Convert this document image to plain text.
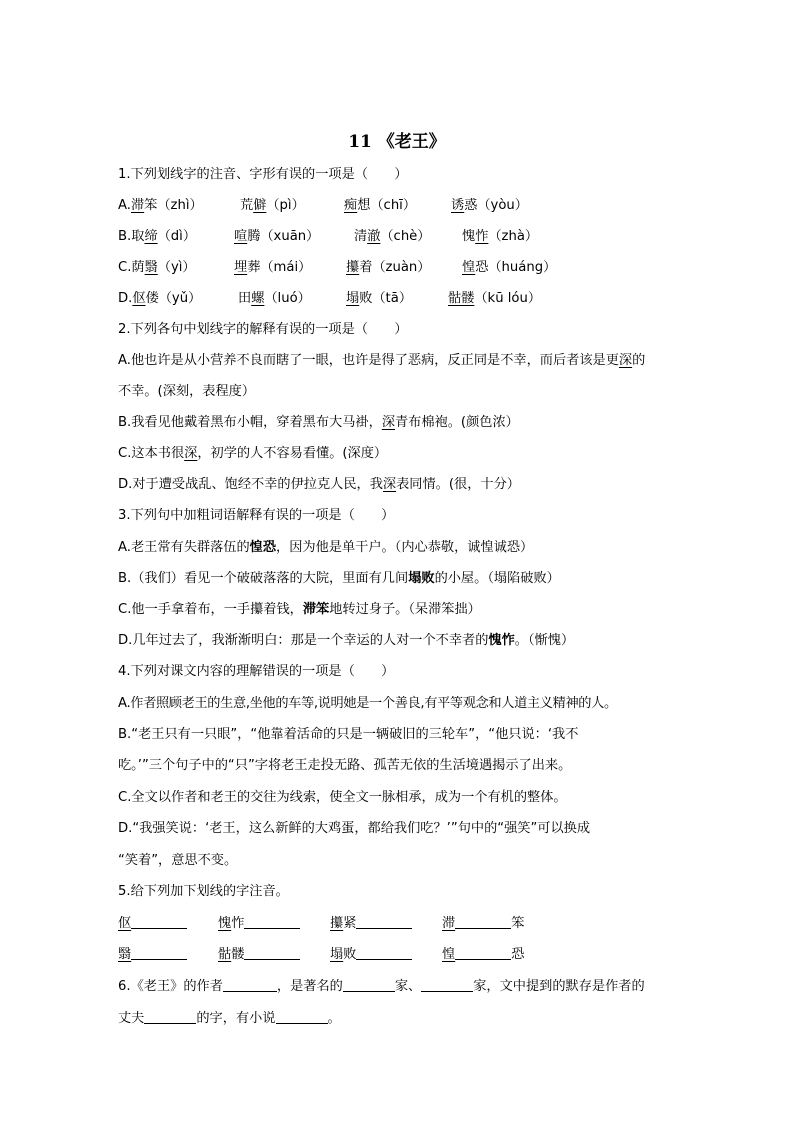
11 《老王》
1.下列划线字的注音、字形有误的一项是（　　）
A.滞笨（zhì）	荒僻（pì）	痴想（chī）	诱惑（yòu）
B.取缔（dì）	喧腾（xuān）	清澈（chè） 愧怍（zhà）
C.荫翳（yì）	埋葬（mái）	攥着（zuàn） 惶恐（huáng）
D.伛偻（yǔ）	田螺（luó）	塌败（tā）	骷髅（kū lóu）
2.下列各句中划线字的解释有误的一项是（　　）
A.他也许是从小营养不良而瞎了一眼，也许是得了恶病，反正同是不幸，而后者该是更深的
不幸。(深刻，表程度）
B.我看见他戴着黑布小帽，穿着黑布大马褂，深青布棉袍。(颜色浓）
C.这本书很深，初学的人不容易看懂。(深度）
D.对于遭受战乱、饱经不幸的伊拉克人民，我深表同情。(很，十分）
3.下列句中加粗词语解释有误的一项是（　　）
A.老王常有失群落伍的惶恐，因为他是单干户。（内心恭敬，诚惶诚恐）
B.（我们）看见一个破破落落的大院，里面有几间塌败的小屋。（塌陷破败）
C.他一手拿着布，一手攥着钱，滞笨地转过身子。（呆滞笨拙）
D.几年过去了，我渐渐明白：那是一个幸运的人对一个不幸者的愧怍。（惭愧）
4.下列对课文内容的理解错误的一项是（　　）
A.作者照顾老王的生意,坐他的车等,说明她是一个善良,有平等观念和人道主义精神的人。
B.“老王只有一只眼”，“他靠着活命的只是一辆破旧的三轮车”，“他只说：‘我不
吃。’”三个句子中的“只”字将老王走投无路、孤苦无依的生活境遇揭示了出来。
C.全文以作者和老王的交往为线索，使全文一脉相承，成为一个有机的整体。
D.“我强笑说：‘老王，这么新鲜的大鸡蛋，都给我们吃？’”句中的“强笑”可以换成
“笑着”，意思不变。
5.给下列加下划线的字注音。
伛	愧怍	攥紧	滞	笨
翳	骷髅	塌败	惶	恐
6.《老王》的作者	，是著名的	家、	家，文中提到的默存是作者的
丈夫	的字，有小说	。
